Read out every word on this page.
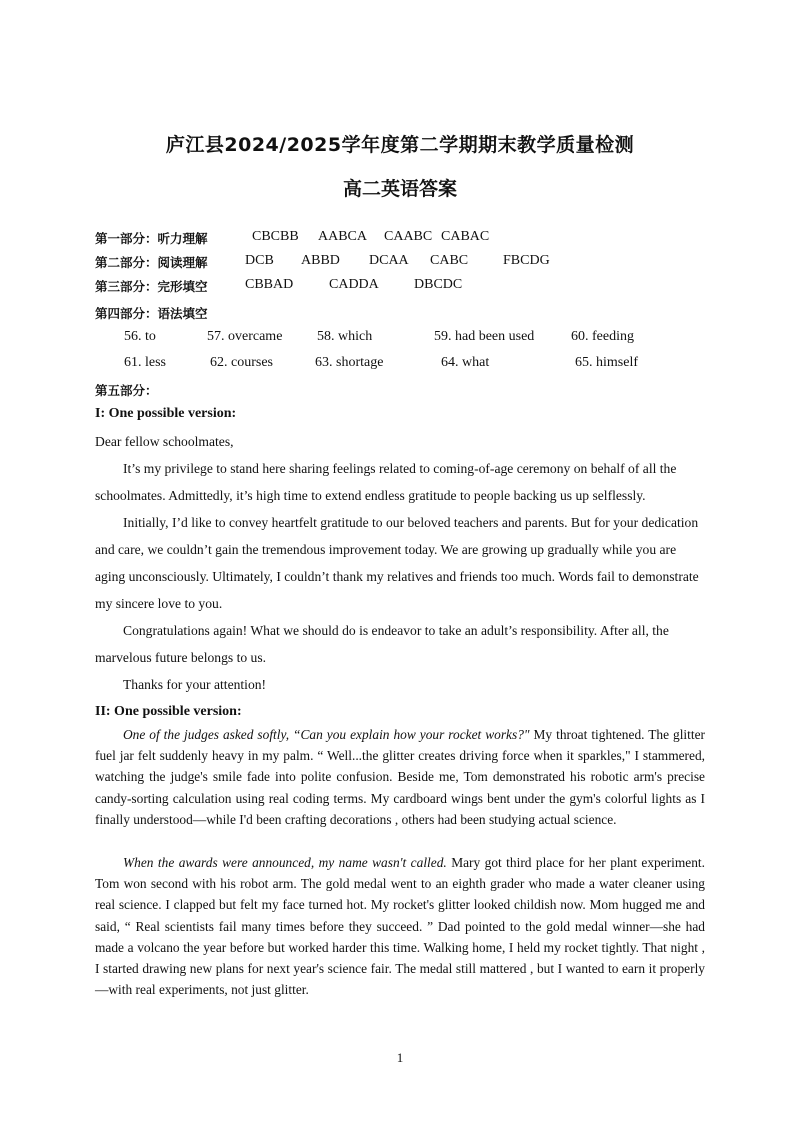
庐江县2024/2025学年度第二学期期末教学质量检测
高二英语答案
第一部分：听力理解	CBCBB AABCA CAABC CABAC
第二部分：阅读理解	DCB ABBD DCAA CABC FBCDG
第三部分：完形填空	CBBAD	CADDA	DBCDC
第四部分：语法填空
56. to	57. overcame 58. which	59. had been used	60. feeding
61. less	62. courses	63. shortage	64. what	65. himself
第五部分：
I: One possible version:
Dear fellow schoolmates,
It’s my privilege to stand here sharing feelings related to coming-of-age ceremony on behalf of all the schoolmates. Admittedly, it’s high time to extend endless gratitude to people backing us up selflessly.
Initially, I’d like to convey heartfelt gratitude to our beloved teachers and parents. But for your dedication and care, we couldn’t gain the tremendous improvement today. We are growing up gradually while you are aging unconsciously. Ultimately, I couldn’t thank my relatives and friends too much. Words fail to demonstrate my sincere love to you.
Congratulations again! What we should do is endeavor to take an adult’s responsibility. After all, the marvelous future belongs to us.
Thanks for your attention!
II: One possible version:
One of the judges asked softly, “Can you explain how your rocket works?" My throat tightened. The glitter fuel jar felt suddenly heavy in my palm. “ Well...the glitter creates driving force when it sparkles," I stammered, watching the judge's smile fade into polite confusion. Beside me, Tom demonstrated his robotic arm's precise candy-sorting calculation using real coding terms. My cardboard wings bent under the gym's colorful lights as I finally understood—while I'd been crafting decorations , others had been studying actual science.
When the awards were announced, my name wasn't called. Mary got third place for her plant experiment. Tom won second with his robot arm. The gold medal went to an eighth grader who made a water cleaner using real science. I clapped but felt my face turned hot. My rocket's glitter looked childish now. Mom hugged me and said, “ Real scientists fail many times before they succeed. ” Dad pointed to the gold medal winner—she had made a volcano the year before but worked harder this time. Walking home, I held my rocket tightly. That night , I started drawing new plans for next year's science fair. The medal still mattered , but I wanted to earn it properly—with real experiments, not just glitter.
1
